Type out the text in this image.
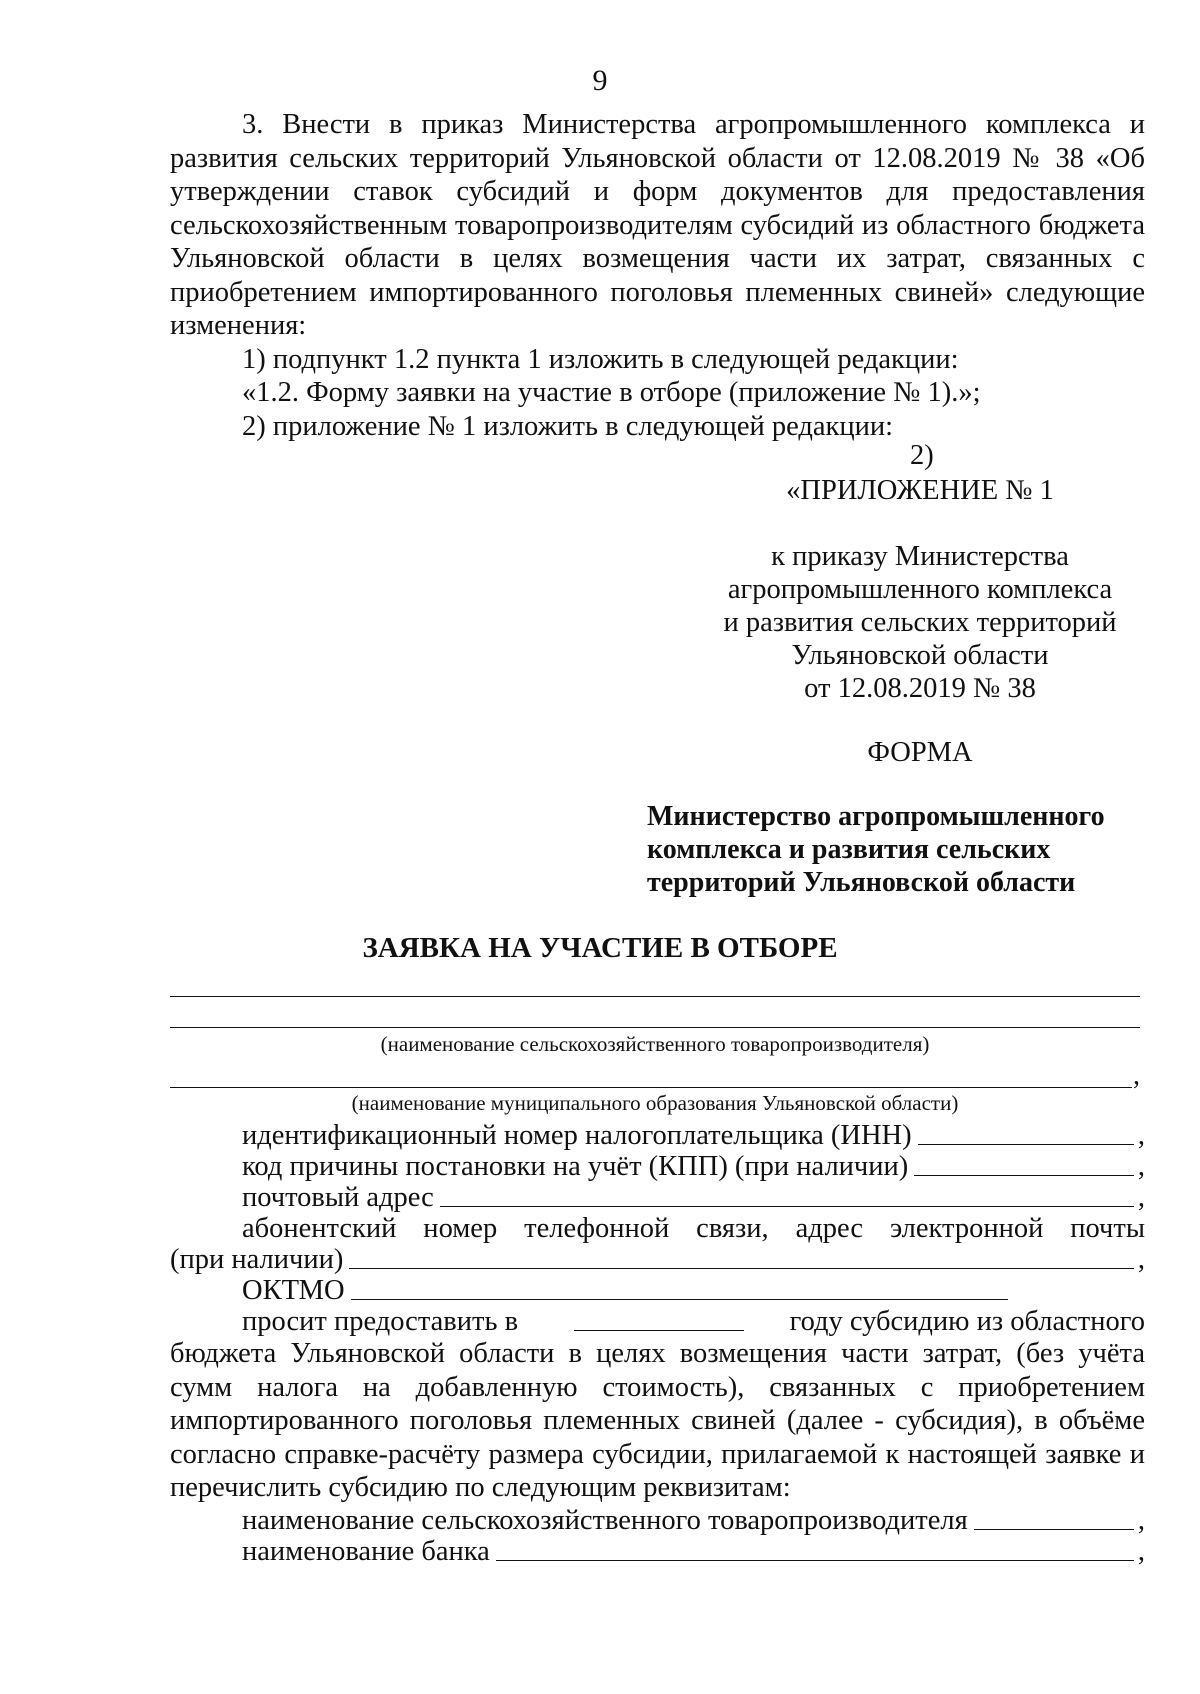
9

3. Внести в приказ Министерства агропромышленного комплекса и развития сельских территорий Ульяновской области от 12.08.2019 № 38 «Об утверждении ставок субсидий и форм документов для предоставления сельскохозяйственным товаропроизводителям субсидий из областного бюджета Ульяновской области в целях возмещения части их затрат, связанных с приобретением импортированного поголовья племенных свиней» следующие изменения:

1) подпункт 1.2 пункта 1 изложить в следующей редакции:

«1.2. Форму заявки на участие в отборе (приложение № 1).»;

2) приложение № 1 изложить в следующей редакции:

2)
«ПРИЛОЖЕНИЕ № 1
к приказу Министерства
агропромышленного комплекса
и развития сельских территорий
Ульяновской области
от 12.08.2019 № 38
ФОРМА
Министерство агропромышленного
комплекса и развития сельских
территорий Ульяновской области
ЗАЯВКА НА УЧАСТИЕ В ОТБОРЕ
(наименование сельскохозяйственного товаропроизводителя)
,
(наименование муниципального образования Ульяновской области)
идентификационный номер налогоплательщика (ИНН)	,
код причины постановки на учёт (КПП) (при наличии)	,
почтовый адрес	,
абонентский номер телефонной связи, адрес электронной почты
(при наличии)	,
ОКТМО
просит предоставить в	году субсидию из областного

бюджета Ульяновской области в целях возмещения части затрат, (без учёта сумм налога на добавленную стоимость), связанных с приобретением импортированного поголовья племенных свиней (далее - субсидия), в объёме согласно справке-расчёту размера субсидии, прилагаемой к настоящей заявке и перечислить субсидию по следующим реквизитам:

наименование сельскохозяйственного товаропроизводителя	,
наименование банка	,
